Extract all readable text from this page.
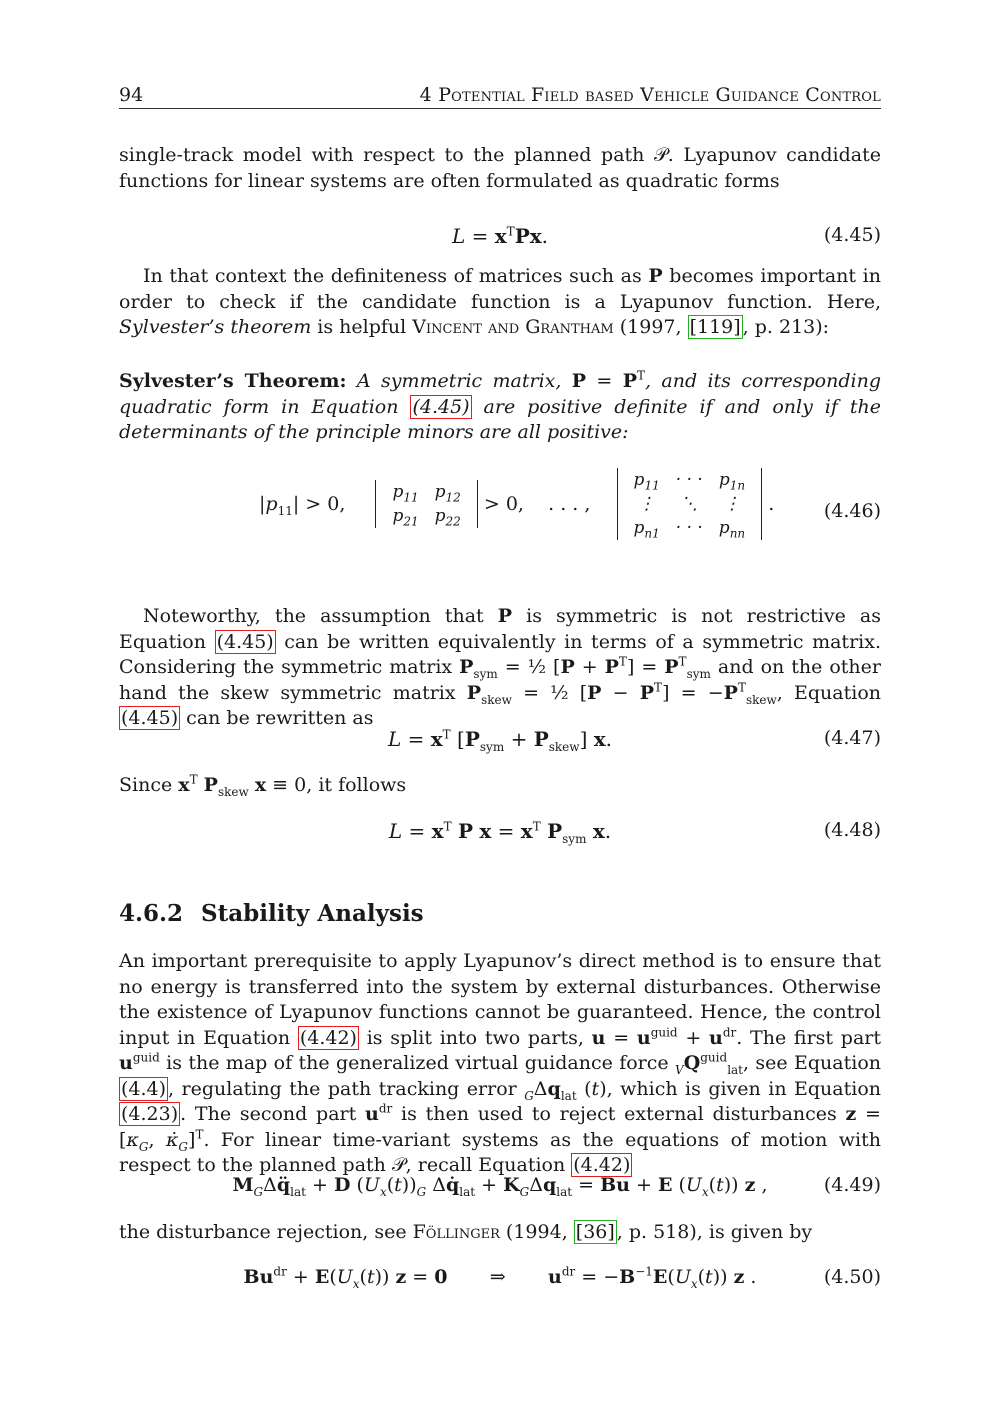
94	4 Potential Field based Vehicle Guidance Control

single-track model with respect to the planned path 𝒫. Lyapunov candidate functions for linear systems are often formulated as quadratic forms

$L = x^TPx$.	(4.45)

In that context the definiteness of matrices such as P becomes important in order to check if the candidate function is a Lyapunov function. Here, Sylvester’s theorem is helpful Vincent and Grantham (1997, [119] , p. 213):

Sylvester’s Theorem: A symmetric matrix, $P = P^T$, and its corresponding quadratic form in Equation (4.45) are positive definite if and only if the determinants of the principle minors are all positive:

$|p_{11}| > 0$,
$p_{11}$	$p_{12}$
$p_{21}$	$p_{22}$
> 0,    . . . ,
$p_{11}$	· · ·	$p_{1n}$
⋮	⋱	⋮
$p_{n1}$	· · ·	$p_{nn}$
.	(4.46)

Noteworthy, the assumption that P is symmetric is not restrictive as Equation (4.45) can be written equivalently in terms of a symmetric matrix. Considering the symmetric matrix $P_{sym}$ = ½ $[P + P^T] = P^T_{sym}$ and on the other hand the skew symmetric matrix $P_{skew}$ = ½ $[P - P^T] = -P^T_{skew}$, Equation (4.45) can be rewritten as

$L = x^T$ $[P_{sym} + P_{skew}]$ x.	(4.47)

Since $x^T$ $P_{skew}$ x ≡ 0, it follows

$L = x^T$ P $x = x^T$ $P_{sym}$ x.	(4.48)
4.6.2 Stability Analysis

An important prerequisite to apply Lyapunov’s direct method is to ensure that no energy is transferred into the system by external disturbances. Otherwise the existence of Lyapunov functions cannot be guaranteed. Hence, the control input in Equation (4.42) is split into two parts, $u = u^{guid} + u^{dr}$. The first part $u^{guid}$ is the map of the generalized virtual guidance force $_VQ^{guid}_{lat}$, see Equation (4.4) , regulating the path tracking error $_G\Delta q_{lat}$ (t), which is given in Equation (4.23) . The second part $u^{dr}$ is then used to reject external disturbances $z = [\kappa_G$, $\kappȧ_G]^T$. For linear time-variant systems as the equations of motion with respect to the planned path 𝒫, recall Equation (4.42)

$M_G\Delta q̈_{lat} + D$ $(U_x(t))_G$ $\Delta q̇_{lat} + K_G\Delta q_{lat} = Bu + E$ $(U_x(t))$ z ,	(4.49)

the disturbance rejection, see Föllinger (1994, [36] , p. 518), is given by

$Bu^{dr} + E(U_x(t)) z = 0$       ⇒       $u^{dr} = -B^{-1}E(U_x(t))$ z .	(4.50)
